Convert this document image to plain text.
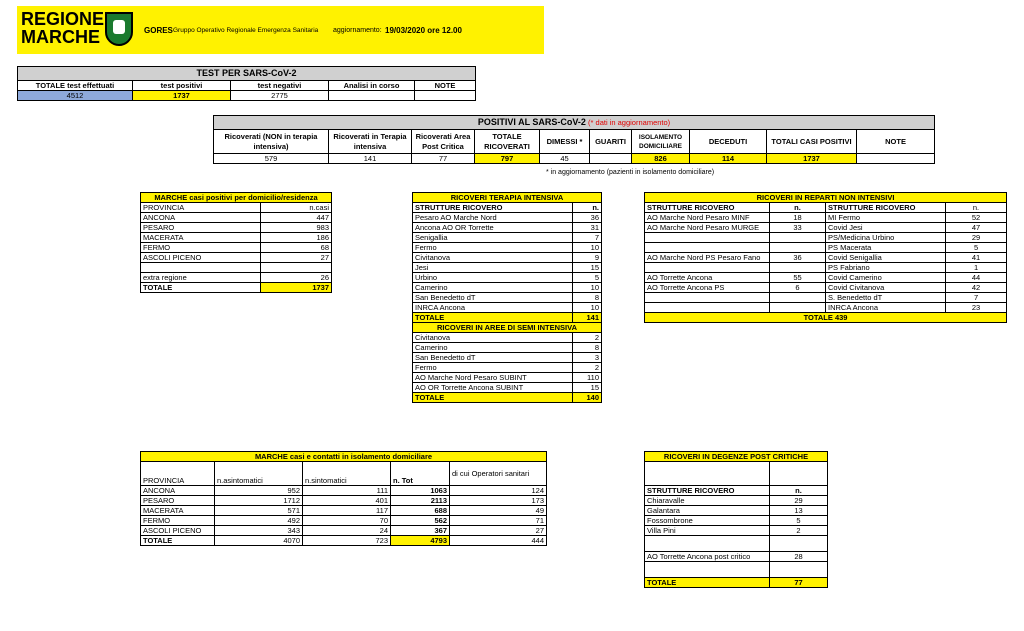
REGIONE
MARCHE	GORES Gruppo Operativo Regionale Emergenza Sanitaria aggiornamento: 19/03/2020 ore 12.00
TEST PER SARS-CoV-2				
TOTALE test effettuati	test positivi	test negativi	Analisi in corso	NOTE
4512	1737	2775		
POSITIVI AL SARS-CoV-2 (* dati in aggiornamento)									
Ricoverati (NON in terapia intensiva)	Ricoverati in Terapia intensiva	Ricoverati Area Post Critica	TOTALE RICOVERATI	DIMESSI *	GUARITI	ISOLAMENTO DOMICILIARE	DECEDUTI	TOTALI CASI POSITIVI	NOTE
579	141	77	797	45		826	114	1737	
* in aggiornamento (pazienti in isolamento domiciliare)
MARCHE casi positivi per domicilio/residenza	
PROVINCIA	n.casi
ANCONA	447
PESARO	983
MACERATA	186
FERMO	68
ASCOLI PICENO	27

extra regione	26
TOTALE	1737
RICOVERI TERAPIA INTENSIVA	
STRUTTURE RICOVERO	n.
Pesaro AO Marche Nord	36
Ancona AO OR Torrette	31
Senigallia	7
Fermo	10
Civitanova	9
Jesi	15
Urbino	5
Camerino	10
San Benedetto dT	8
INRCA Ancona	10
TOTALE	141
RICOVERI IN AREE DI SEMI INTENSIVA	
Civitanova	2
Camerino	8
San Benedetto dT	3
Fermo	2
AO Marche Nord Pesaro SUBINT	110
AO OR Torrette Ancona SUBINT	15
TOTALE	140
RICOVERI IN REPARTI NON INTENSIVI			
STRUTTURE RICOVERO	n.	STRUTTURE RICOVERO	n.
AO Marche Nord Pesaro MINF	18	MI Fermo	52
AO Marche Nord Pesaro MURGE	33	Covid Jesi	47
		PS/Medicina Urbino	29
		PS Macerata	5
AO Marche Nord PS Pesaro Fano	36	Covid Senigallia	41
		PS Fabriano	1
AO Torrette Ancona	55	Covid Camerino	44
AO Torrette Ancona PS	6	Covid Civitanova	42
		S. Benedetto dT	7
		INRCA Ancona	23
TOTALE 439			
MARCHE casi e contatti in isolamento domiciliare				
PROVINCIA	n.asintomatici	n.sintomatici	n. Tot	di cui Operatori sanitari
ANCONA	952	111	1063	124
PESARO	1712	401	2113	173
MACERATA	571	117	688	49
FERMO	492	70	562	71
ASCOLI PICENO	343	24	367	27
TOTALE	4070	723	4793	444
RICOVERI IN DEGENZE POST CRITICHE	

STRUTTURE RICOVERO	n.
Chiaravalle	29
Galantara	13
Fossombrone	5
Villa Pini	2

AO Torrette Ancona post critico	28

TOTALE	77
